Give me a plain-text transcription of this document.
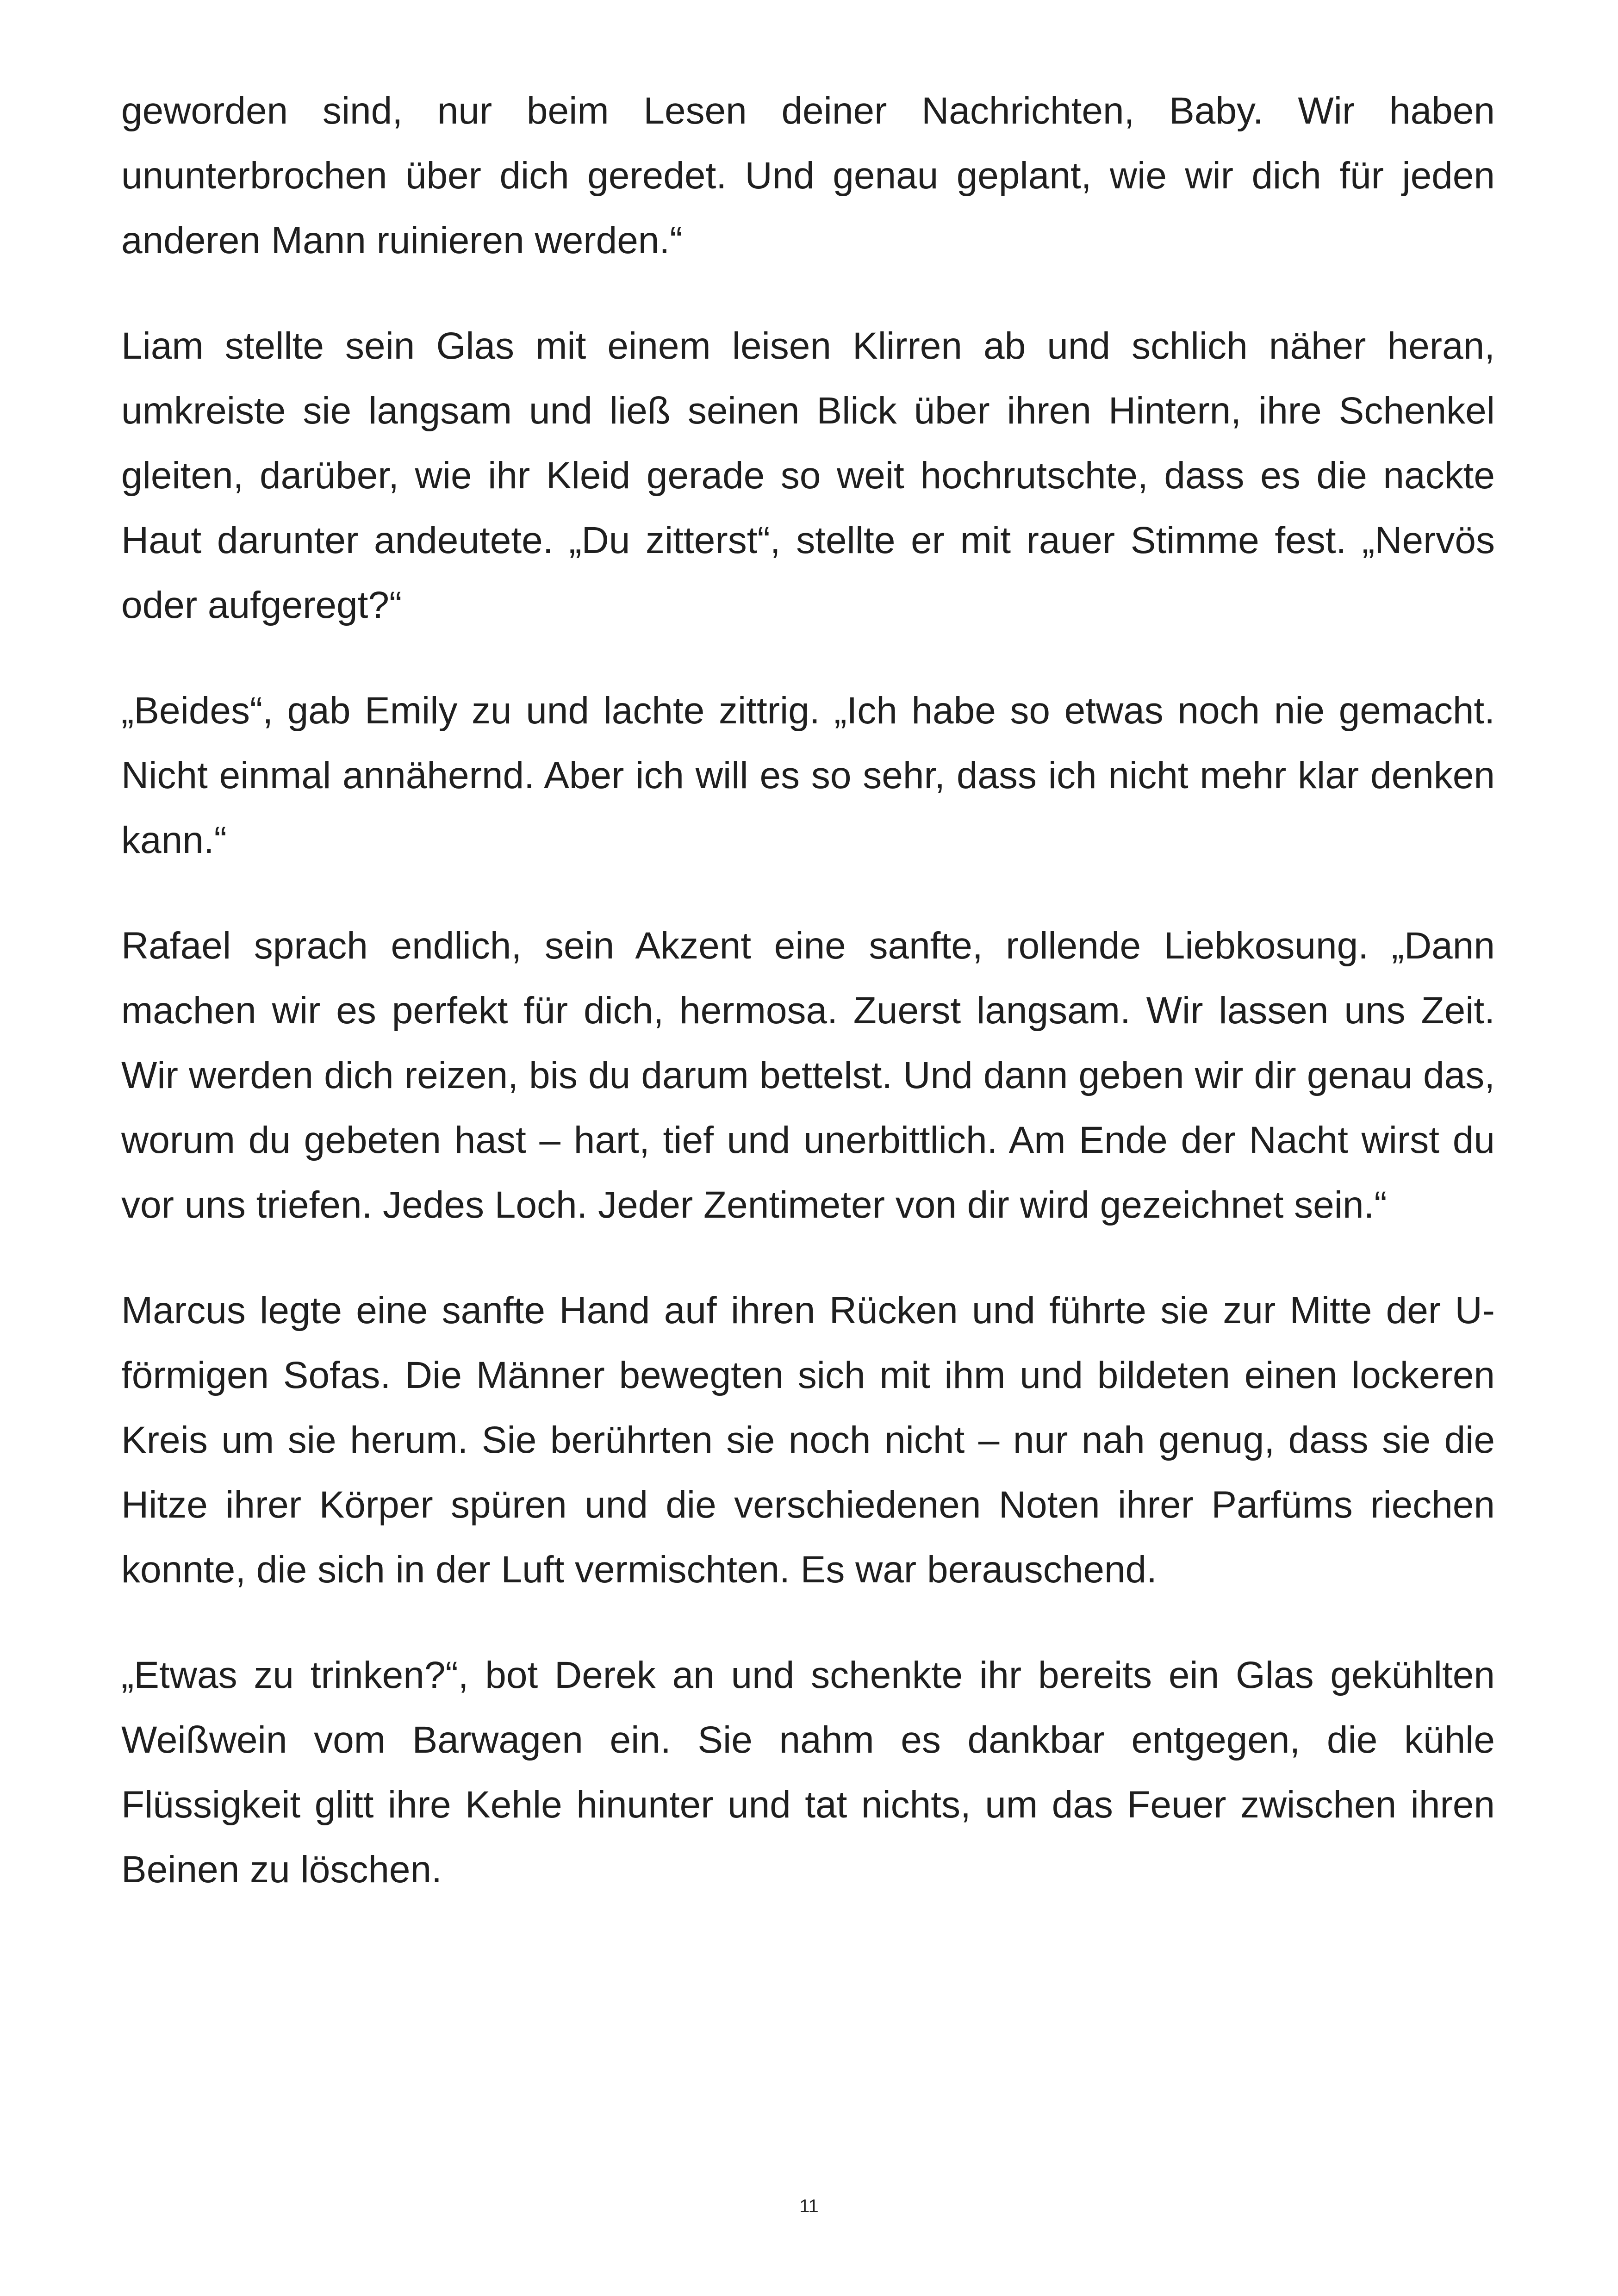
geworden sind, nur beim Lesen deiner Nachrichten, Baby. Wir haben ununterbrochen über dich geredet. Und genau geplant, wie wir dich für jeden anderen Mann ruinieren werden.“

Liam stellte sein Glas mit einem leisen Klirren ab und schlich näher heran, umkreiste sie langsam und ließ seinen Blick über ihren Hintern, ihre Schenkel gleiten, darüber, wie ihr Kleid gerade so weit hochrutschte, dass es die nackte Haut darunter andeutete. „Du zitterst“, stellte er mit rauer Stimme fest. „Nervös oder aufgeregt?“

„Beides“, gab Emily zu und lachte zittrig. „Ich habe so etwas noch nie gemacht. Nicht einmal annähernd. Aber ich will es so sehr, dass ich nicht mehr klar denken kann.“

Rafael sprach endlich, sein Akzent eine sanfte, rollende Liebkosung. „Dann machen wir es perfekt für dich, hermosa. Zuerst langsam. Wir lassen uns Zeit. Wir werden dich reizen, bis du darum bettelst. Und dann geben wir dir genau das, worum du gebeten hast – hart, tief und unerbittlich. Am Ende der Nacht wirst du vor uns triefen. Jedes Loch. Jeder Zentimeter von dir wird gezeichnet sein.“

Marcus legte eine sanfte Hand auf ihren Rücken und führte sie zur Mitte der U-förmigen Sofas. Die Männer bewegten sich mit ihm und bildeten einen lockeren Kreis um sie herum. Sie berührten sie noch nicht – nur nah genug, dass sie die Hitze ihrer Körper spüren und die verschiedenen Noten ihrer Parfüms riechen konnte, die sich in der Luft vermischten. Es war berauschend.

„Etwas zu trinken?“, bot Derek an und schenkte ihr bereits ein Glas gekühlten Weißwein vom Barwagen ein. Sie nahm es dankbar entgegen, die kühle Flüssigkeit glitt ihre Kehle hinunter und tat nichts, um das Feuer zwischen ihren Beinen zu löschen.

11
